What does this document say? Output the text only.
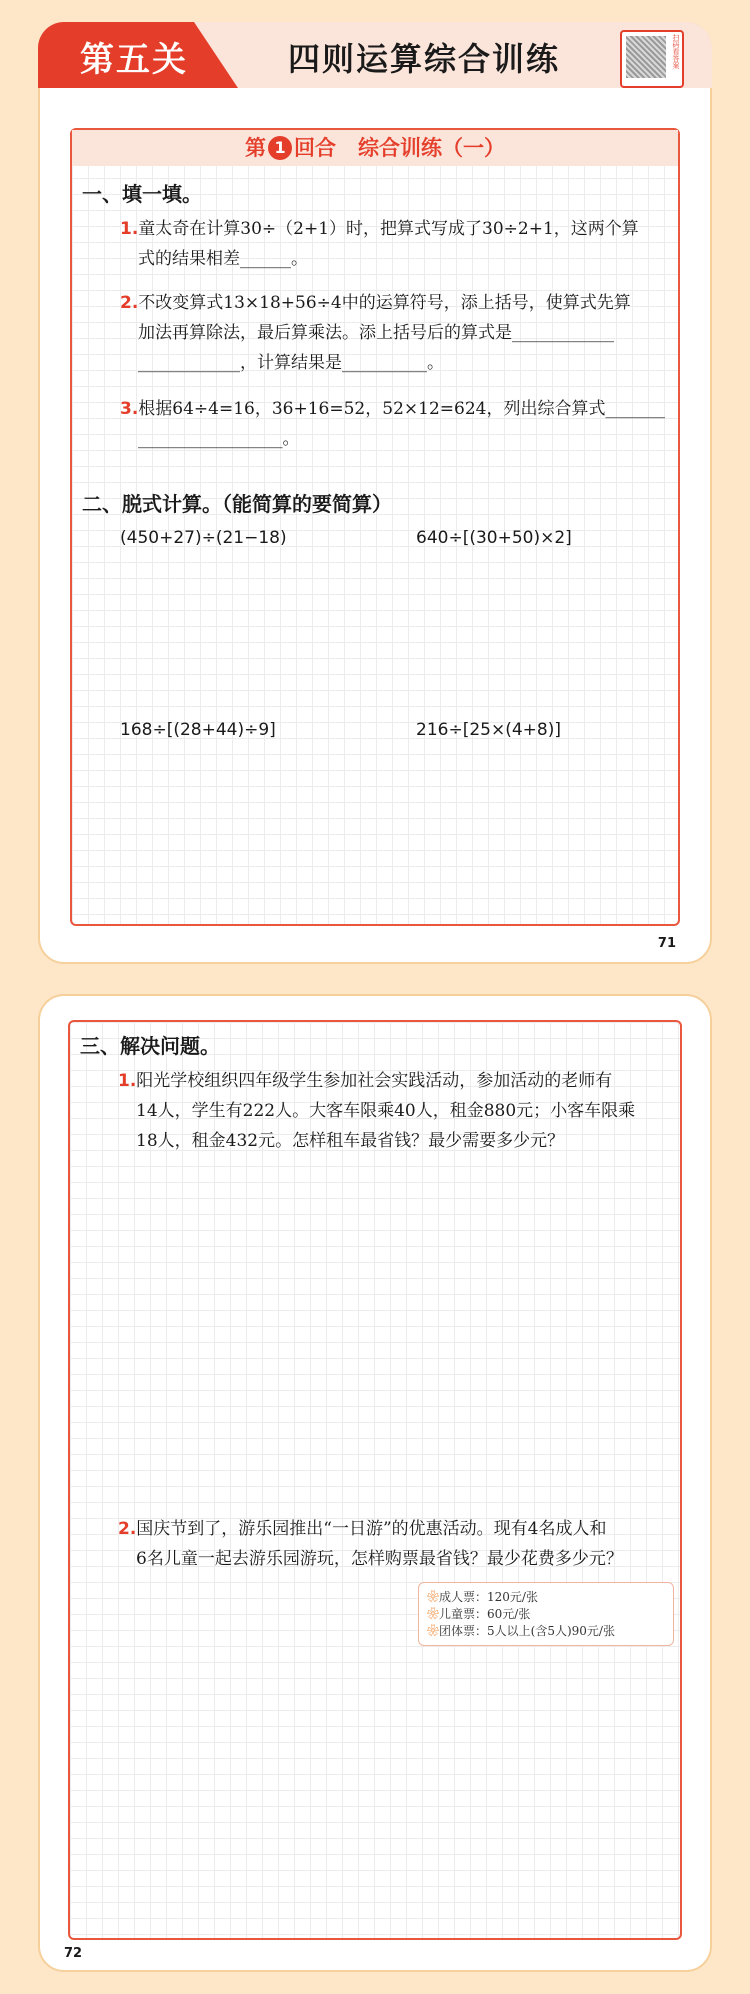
第五关	四则运算综合训练	扫码看答案
第 1 回合 综合训练（一）
一、填一填。
1.童太奇在计算30÷（2+1）时，把算式写成了30÷2+1，这两个算
式的结果相差______。
2.不改变算式13×18+56÷4中的运算符号，添上括号，使算式先算
加法再算除法，最后算乘法。添上括号后的算式是____________
____________，计算结果是__________。
3.根据64÷4=16，36+16=52，52×12=624，列出综合算式_______
_________________。
二、脱式计算。（能简算的要简算）
(450+27)÷(21−18)	640÷[(30+50)×2]
168÷[(28+44)÷9]	216÷[25×(4+8)]
71
三、解决问题。
1.阳光学校组织四年级学生参加社会实践活动，参加活动的老师有
14人，学生有222人。大客车限乘40人，租金880元；小客车限乘
18人，租金432元。怎样租车最省钱？最少需要多少元？
2.国庆节到了，游乐园推出“一日游”的优惠活动。现有4名成人和
6名儿童一起去游乐园游玩，怎样购票最省钱？最少花费多少元？
❀成人票：120元/张
❀儿童票：60元/张
❀团体票：5人以上(含5人)90元/张
72
